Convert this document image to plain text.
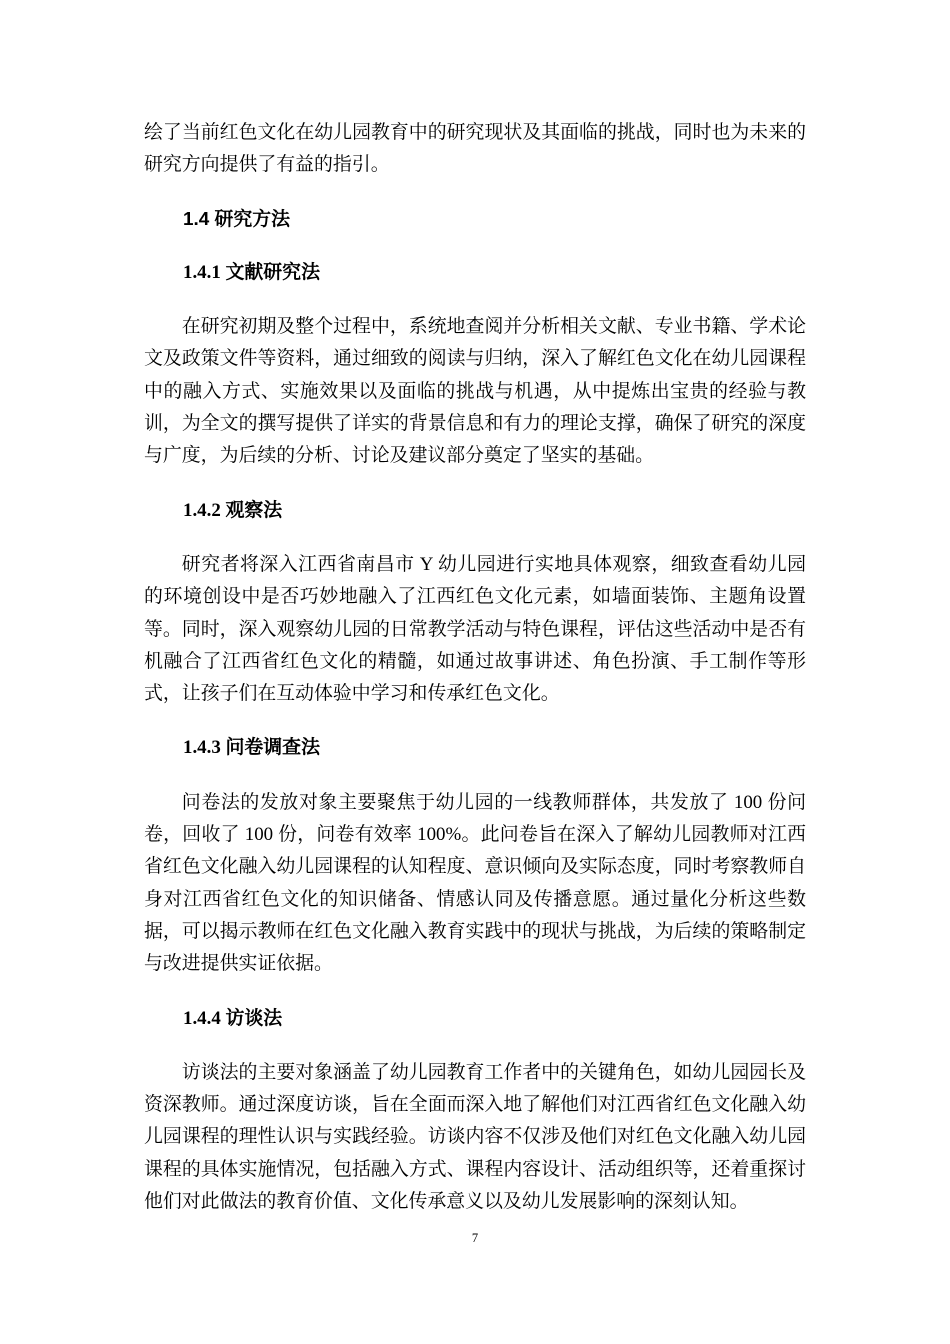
绘了当前红色文化在幼儿园教育中的研究现状及其面临的挑战，同时也为未来的研究方向提供了有益的指引。

1.4 研究方法
1.4.1 文献研究法

在研究初期及整个过程中，系统地查阅并分析相关文献、专业书籍、学术论文及政策文件等资料，通过细致的阅读与归纳，深入了解红色文化在幼儿园课程中的融入方式、实施效果以及面临的挑战与机遇，从中提炼出宝贵的经验与教训，为全文的撰写提供了详实的背景信息和有力的理论支撑，确保了研究的深度与广度，为后续的分析、讨论及建议部分奠定了坚实的基础。

1.4.2 观察法

研究者将深入江西省南昌市 Y 幼儿园进行实地具体观察，细致查看幼儿园的环境创设中是否巧妙地融入了江西红色文化元素，如墙面装饰、主题角设置等。同时，深入观察幼儿园的日常教学活动与特色课程，评估这些活动中是否有机融合了江西省红色文化的精髓，如通过故事讲述、角色扮演、手工制作等形式，让孩子们在互动体验中学习和传承红色文化。

1.4.3 问卷调查法

问卷法的发放对象主要聚焦于幼儿园的一线教师群体，共发放了 100 份问卷，回收了 100 份，问卷有效率 100%。此问卷旨在深入了解幼儿园教师对江西省红色文化融入幼儿园课程的认知程度、意识倾向及实际态度，同时考察教师自身对江西省红色文化的知识储备、情感认同及传播意愿。通过量化分析这些数据，可以揭示教师在红色文化融入教育实践中的现状与挑战，为后续的策略制定与改进提供实证依据。

1.4.4 访谈法

访谈法的主要对象涵盖了幼儿园教育工作者中的关键角色，如幼儿园园长及资深教师。通过深度访谈，旨在全面而深入地了解他们对江西省红色文化融入幼儿园课程的理性认识与实践经验。访谈内容不仅涉及他们对红色文化融入幼儿园课程的具体实施情况，包括融入方式、课程内容设计、活动组织等，还着重探讨他们对此做法的教育价值、文化传承意义以及幼儿发展影响的深刻认知。

7
